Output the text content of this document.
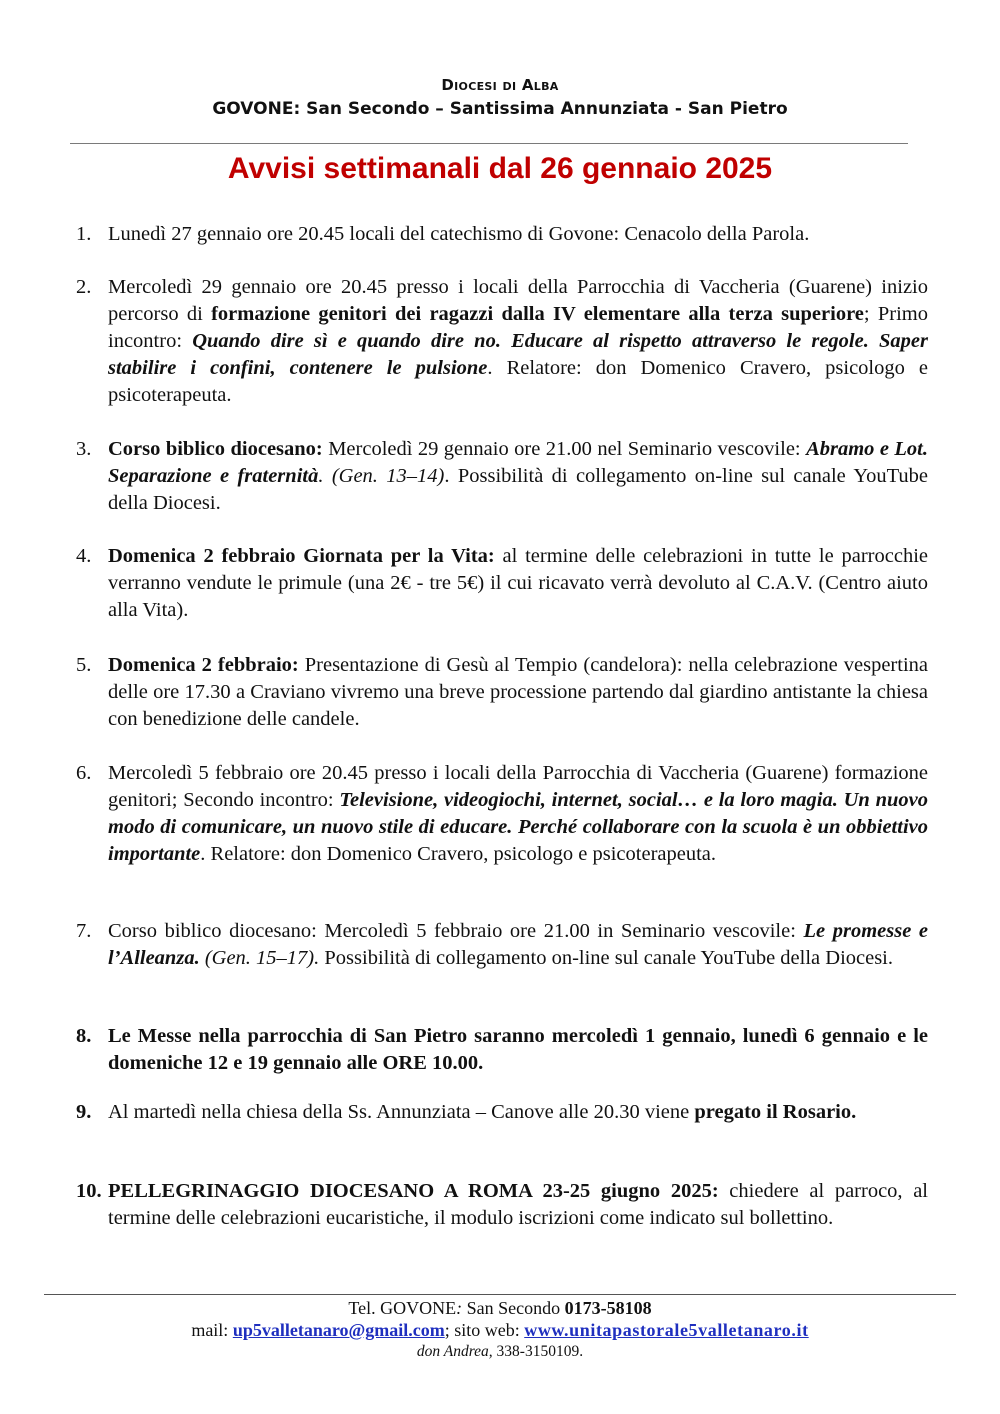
Diocesi di Alba
GOVONE: San Secondo – Santissima Annunziata - San Pietro
Avvisi settimanali dal 26 gennaio 2025
1. Lunedì 27 gennaio ore 20.45 locali del catechismo di Govone: Cenacolo della Parola.
2. Mercoledì 29 gennaio ore 20.45 presso i locali della Parrocchia di Vaccheria (Guarene) inizio percorso di formazione genitori dei ragazzi dalla IV elementare alla terza superiore; Primo incontro: Quando dire sì e quando dire no. Educare al rispetto attraverso le regole. Saper stabilire i confini, contenere le pulsione. Relatore: don Domenico Cravero, psicologo e psicoterapeuta.
3. Corso biblico diocesano: Mercoledì 29 gennaio ore 21.00 nel Seminario vescovile: Abramo e Lot. Separazione e fraternità. (Gen. 13–14). Possibilità di collegamento on-line sul canale YouTube della Diocesi.
4. Domenica 2 febbraio Giornata per la Vita: al termine delle celebrazioni in tutte le parrocchie verranno vendute le primule (una 2€ - tre 5€) il cui ricavato verrà devoluto al C.A.V. (Centro aiuto alla Vita).
5. Domenica 2 febbraio: Presentazione di Gesù al Tempio (candelora): nella celebrazione vespertina delle ore 17.30 a Craviano vivremo una breve processione partendo dal giardino antistante la chiesa con benedizione delle candele.
6. Mercoledì 5 febbraio ore 20.45 presso i locali della Parrocchia di Vaccheria (Guarene) formazione genitori; Secondo incontro: Televisione, videogiochi, internet, social… e la loro magia. Un nuovo modo di comunicare, un nuovo stile di educare. Perché collaborare con la scuola è un obbiettivo importante. Relatore: don Domenico Cravero, psicologo e psicoterapeuta.
7. Corso biblico diocesano: Mercoledì 5 febbraio ore 21.00 in Seminario vescovile: Le promesse e l’Alleanza. (Gen. 15–17). Possibilità di collegamento on-line sul canale YouTube della Diocesi.
8. Le Messe nella parrocchia di San Pietro saranno mercoledì 1 gennaio, lunedì 6 gennaio e le domeniche 12 e 19 gennaio alle ORE 10.00.
9. Al martedì nella chiesa della Ss. Annunziata – Canove alle 20.30 viene pregato il Rosario.
10. PELLEGRINAGGIO DIOCESANO A ROMA 23-25 giugno 2025: chiedere al parroco, al termine delle celebrazioni eucaristiche, il modulo iscrizioni come indicato sul bollettino.
Tel. GOVONE: San Secondo 0173-58108
mail: up5valletanaro@gmail.com; sito web: www.unitapastorale5valletanaro.it
don Andrea, 338-3150109.
